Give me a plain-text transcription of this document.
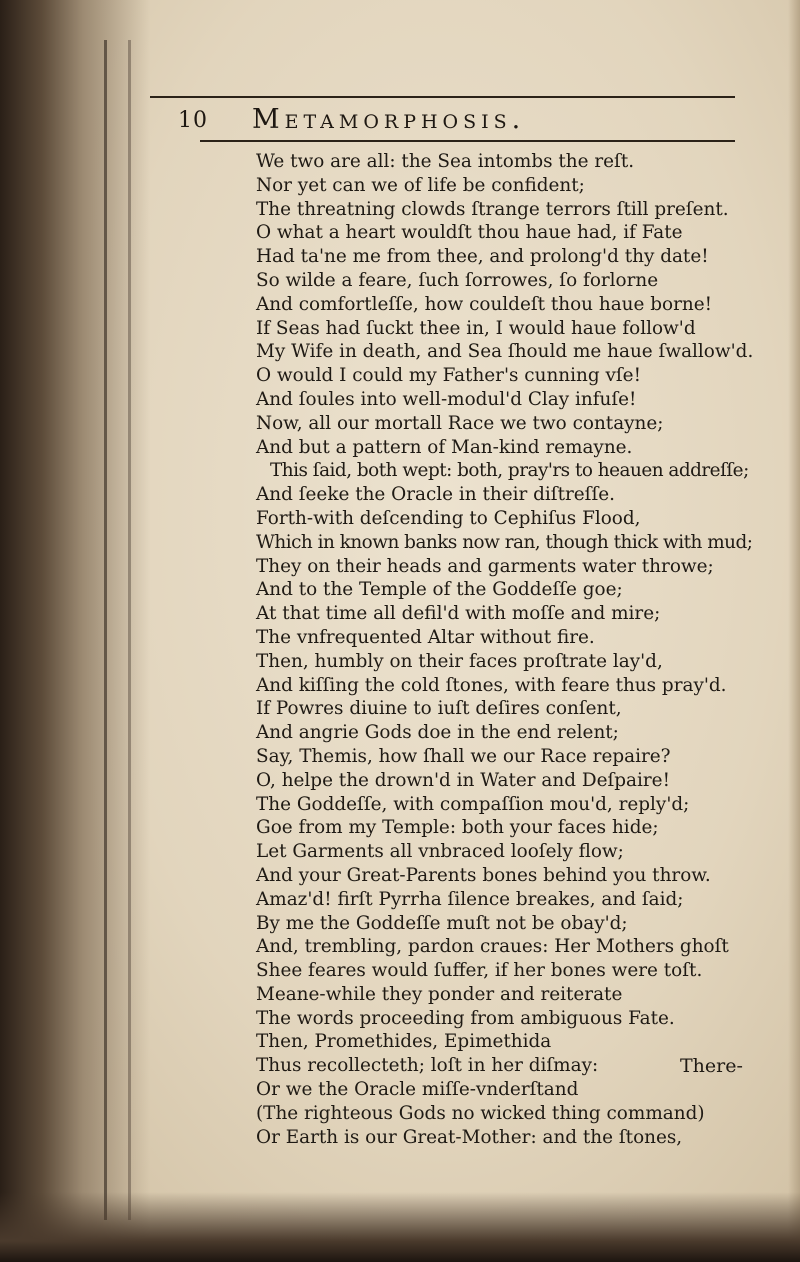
10 Metamorphosis.
We two are all: the Sea intombs the reſt.
Nor yet can we of life be confident;
The threatning clowds ſtrange terrors ſtill preſent.
O what a heart wouldſt thou haue had, if Fate
Had ta'ne me from thee, and prolong'd thy date!
So wilde a feare, ſuch ſorrowes, ſo forlorne
And comfortleſſe, how couldeſt thou haue borne!
If Seas had ſuckt thee in, I would haue follow'd
My Wife in death, and Sea ſhould me haue ſwallow'd.
O would I could my Father's cunning vſe!
And ſoules into well-modul'd Clay infuſe!
Now, all our mortall Race we two contayne;
And but a pattern of Man-kind remayne.
This ſaid, both wept: both, pray'rs to heauen addreſſe;
And ſeeke the Oracle in their diſtreſſe.
Forth-with deſcending to Cephiſus Flood,
Which in known banks now ran, though thick with mud;
They on their heads and garments water throwe;
And to the Temple of the Goddeſſe goe;
At that time all defil'd with moſſe and mire;
The vnfrequented Altar without fire.
Then, humbly on their faces proſtrate lay'd,
And kiſſing the cold ſtones, with feare thus pray'd.
If Powres diuine to iuſt deſires conſent,
And angrie Gods doe in the end relent;
Say, Themis, how ſhall we our Race repaire?
O, helpe the drown'd in Water and Deſpaire!
The Goddeſſe, with compaſſion mou'd, reply'd;
Goe from my Temple: both your faces hide;
Let Garments all vnbraced looſely flow;
And your Great-Parents bones behind you throw.
Amaz'd! firſt Pyrrha ſilence breakes, and ſaid;
By me the Goddeſſe muſt not be obay'd;
And, trembling, pardon craues: Her Mothers ghoſt
Shee feares would ſuffer, if her bones were toſt.
Meane-while they ponder and reiterate
The words proceeding from ambiguous Fate.
Then, Promethides, Epimethida
Thus recollecteth; loſt in her diſmay:
Or we the Oracle miſſe-vnderſtand
(The righteous Gods no wicked thing command)
Or Earth is our Great-Mother: and the ſtones,
There-
